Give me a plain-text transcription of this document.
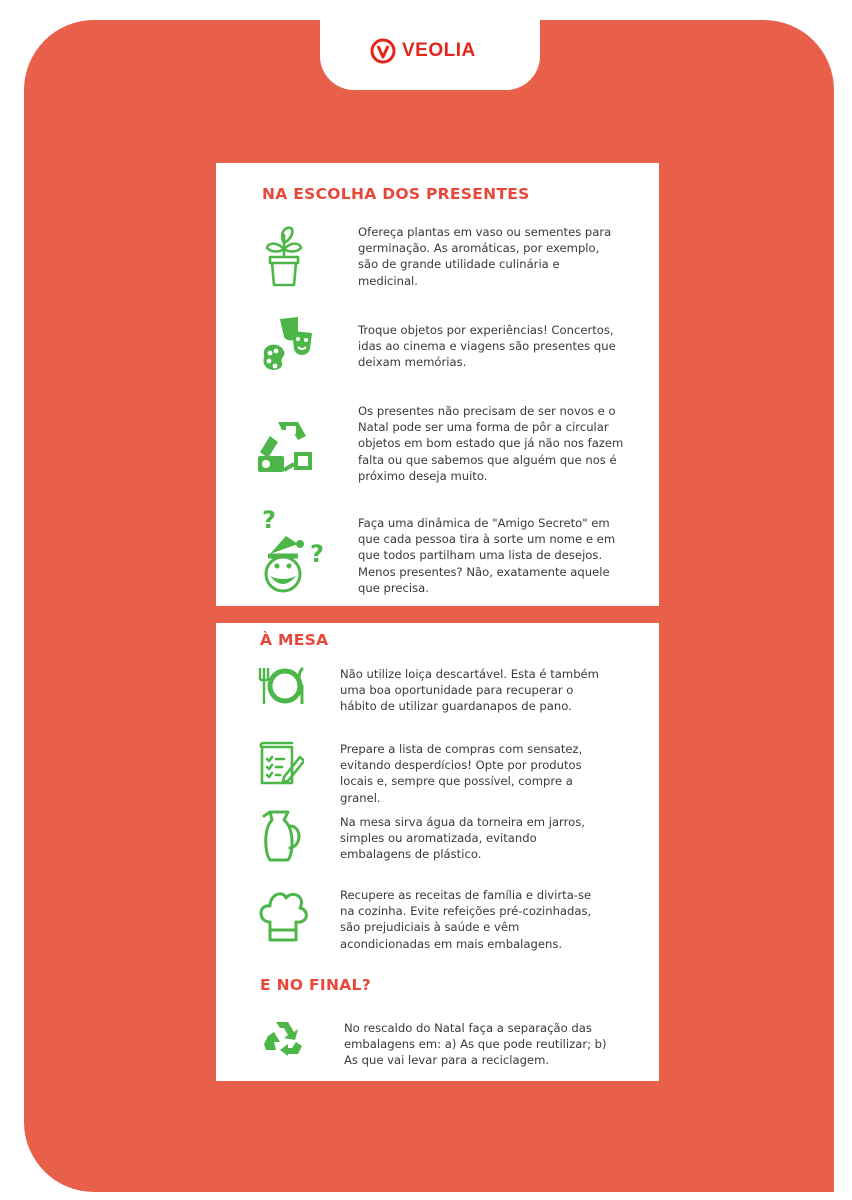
VEOLIA
NA ESCOLHA DOS PRESENTES

Ofereça plantas em vaso ou sementes para germinação. As aromáticas, por exemplo, são de grande utilidade culinária e medicinal.

Troque objetos por experiências! Concertos, idas ao cinema e viagens são presentes que deixam memórias.

Os presentes não precisam de ser novos e o Natal pode ser uma forma de pôr a circular objetos em bom estado que já não nos fazem falta ou que sabemos que alguém que nos é próximo deseja muito.

?
?

Faça uma dinâmica de "Amigo Secreto" em que cada pessoa tira à sorte um nome e em que todos partilham uma lista de desejos. Menos presentes? Não, exatamente aquele que precisa.

À MESA

Não utilize loiça descartável. Esta é também uma boa oportunidade para recuperar o hábito de utilizar guardanapos de pano.

Prepare a lista de compras com sensatez, evitando desperdícios! Opte por produtos locais e, sempre que possível, compre a granel.

Na mesa sirva água da torneira em jarros, simples ou aromatizada, evitando embalagens de plástico.

Recupere as receitas de família e divirta-se na cozinha. Evite refeições pré-cozinhadas, são prejudiciais à saúde e vêm acondicionadas em mais embalagens.

E NO FINAL?

No rescaldo do Natal faça a separação das embalagens em: a) As que pode reutilizar; b) As que vai levar para a reciclagem.
